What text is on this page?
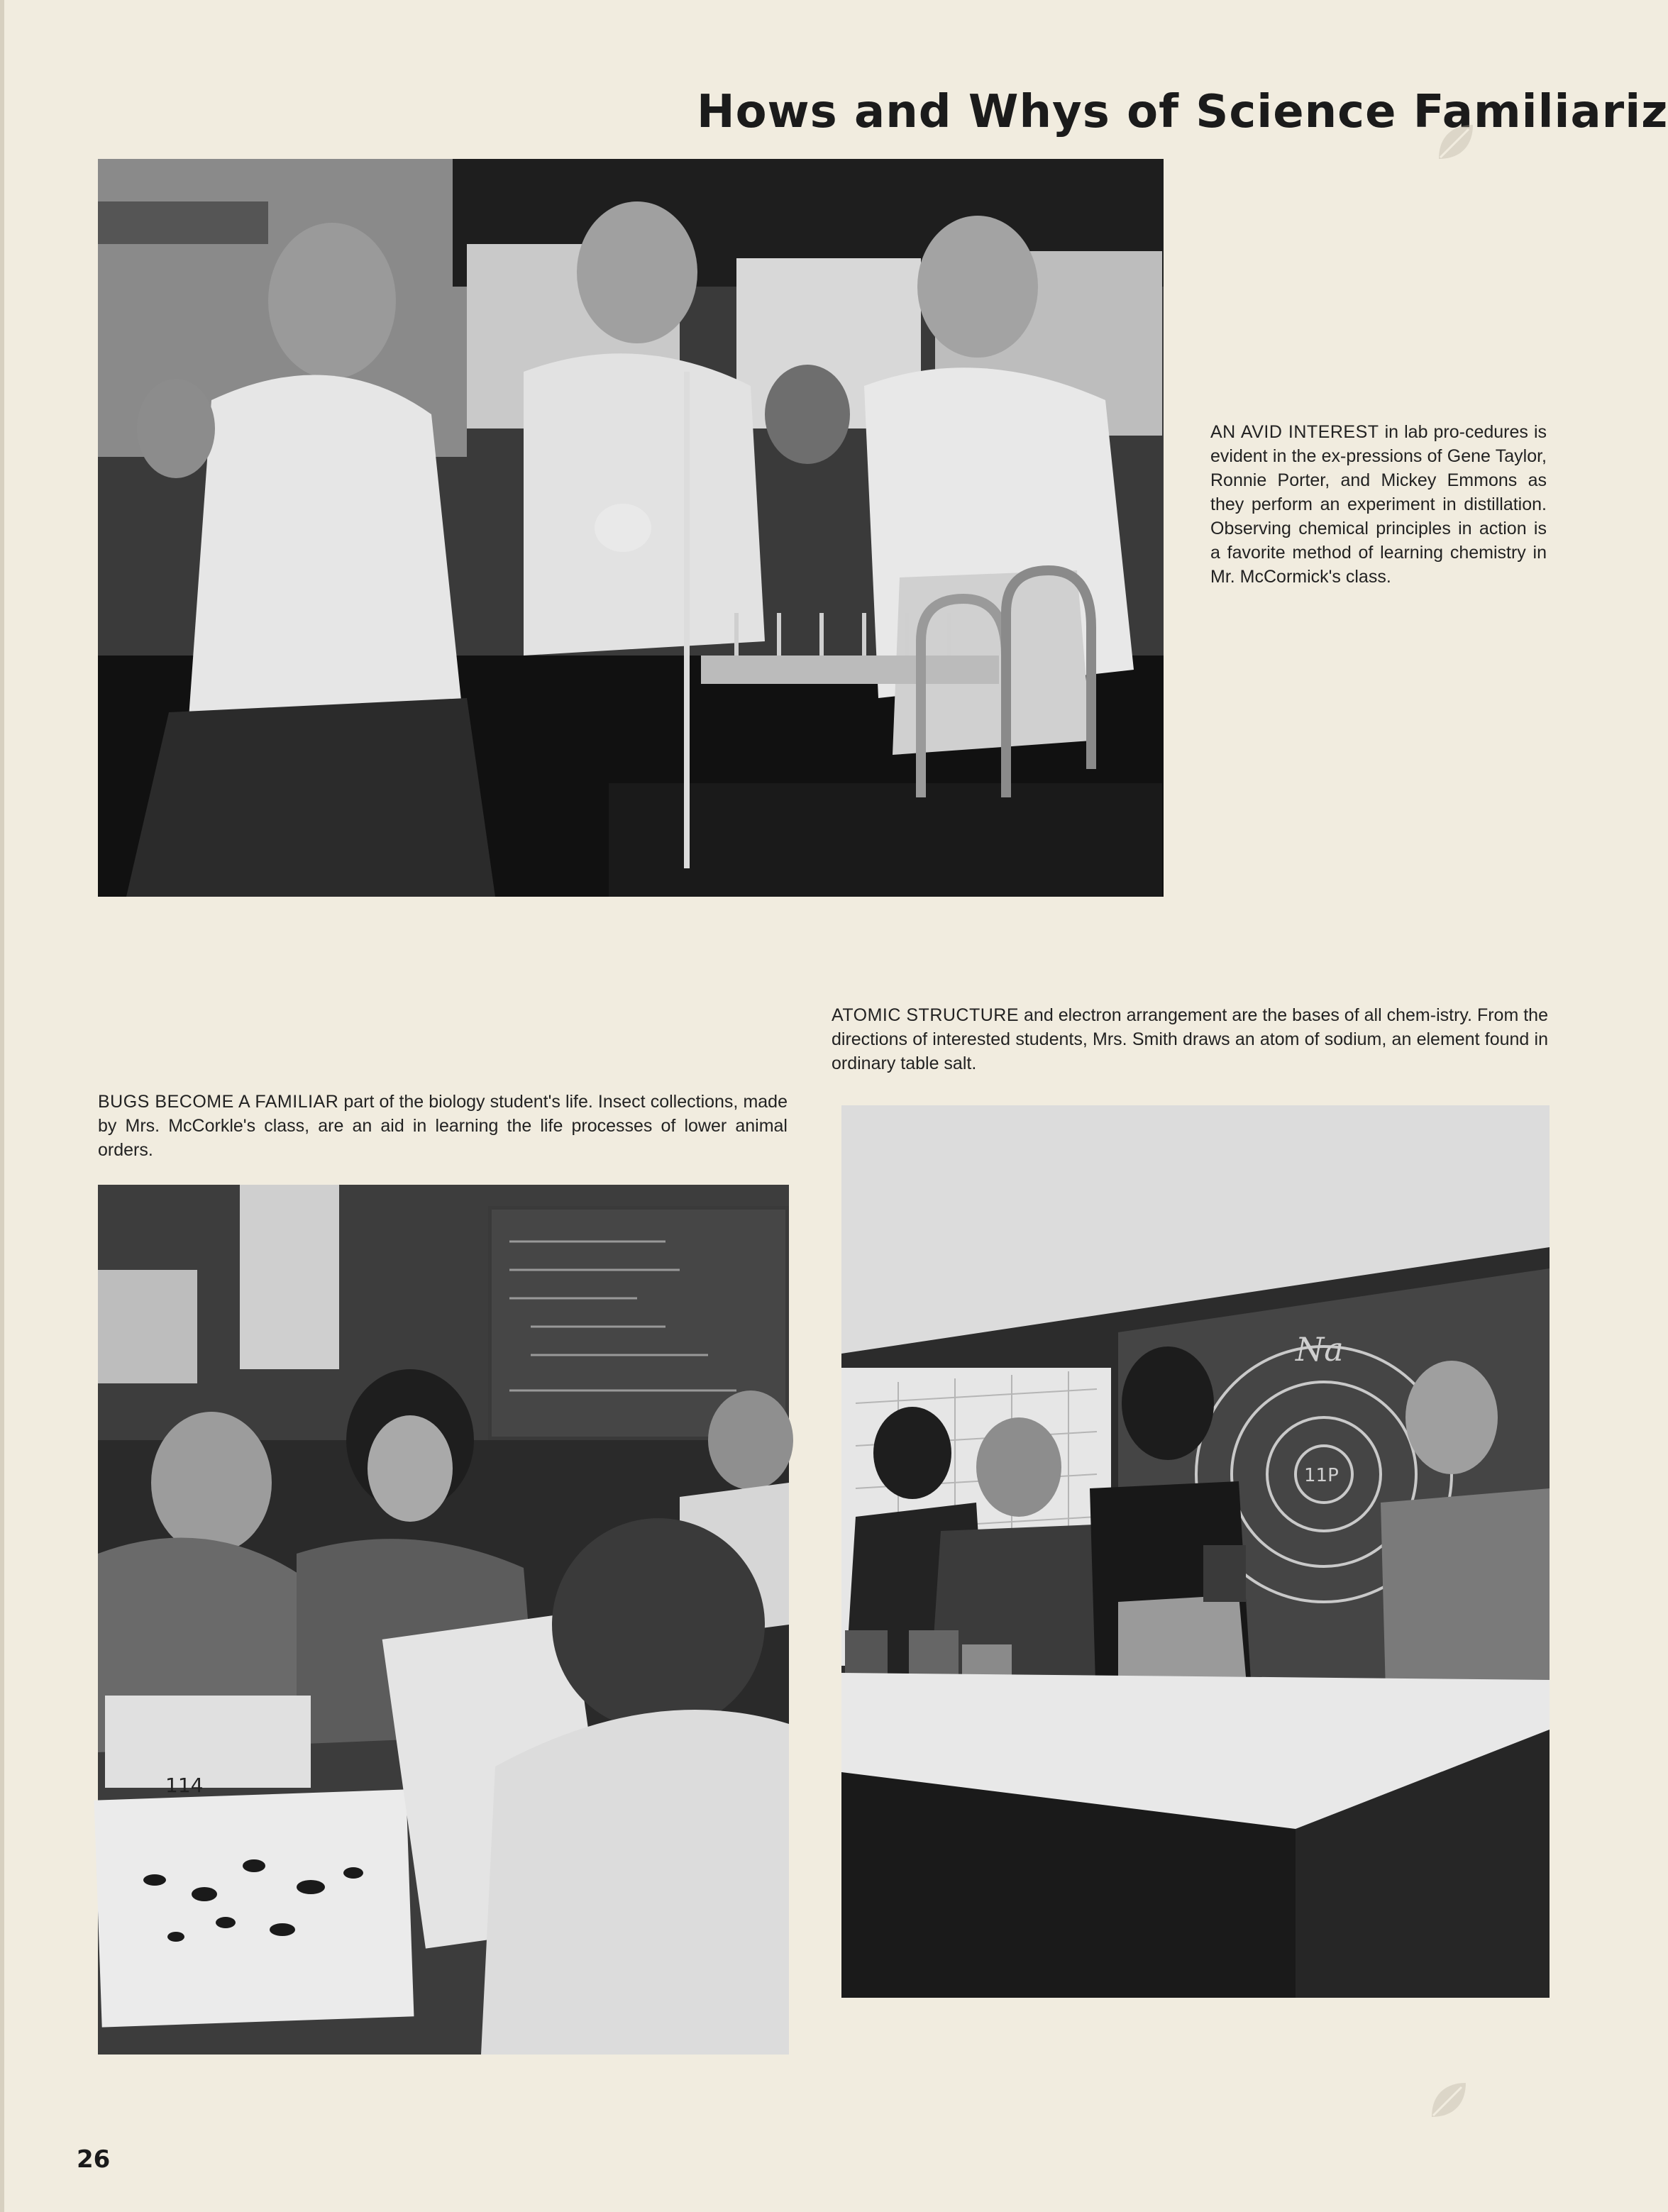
Hows and Whys of Science Familiariz
AN AVID INTEREST in lab pro-cedures is evident in the ex-pressions of Gene Taylor, Ronnie Porter, and Mickey Emmons as they perform an experiment in distillation. Observing chemical principles in action is a favorite method of learning chemistry in Mr. McCormick's class.
ATOMIC STRUCTURE and electron arrangement are the bases of all chem-istry. From the directions of interested students, Mrs. Smith draws an atom of sodium, an element found in ordinary table salt.
BUGS BECOME A FAMILIAR part of the biology student's life. Insect collections, made by Mrs. McCorkle's class, are an aid in learning the life processes of lower animal orders.
114
Na
11P
26
